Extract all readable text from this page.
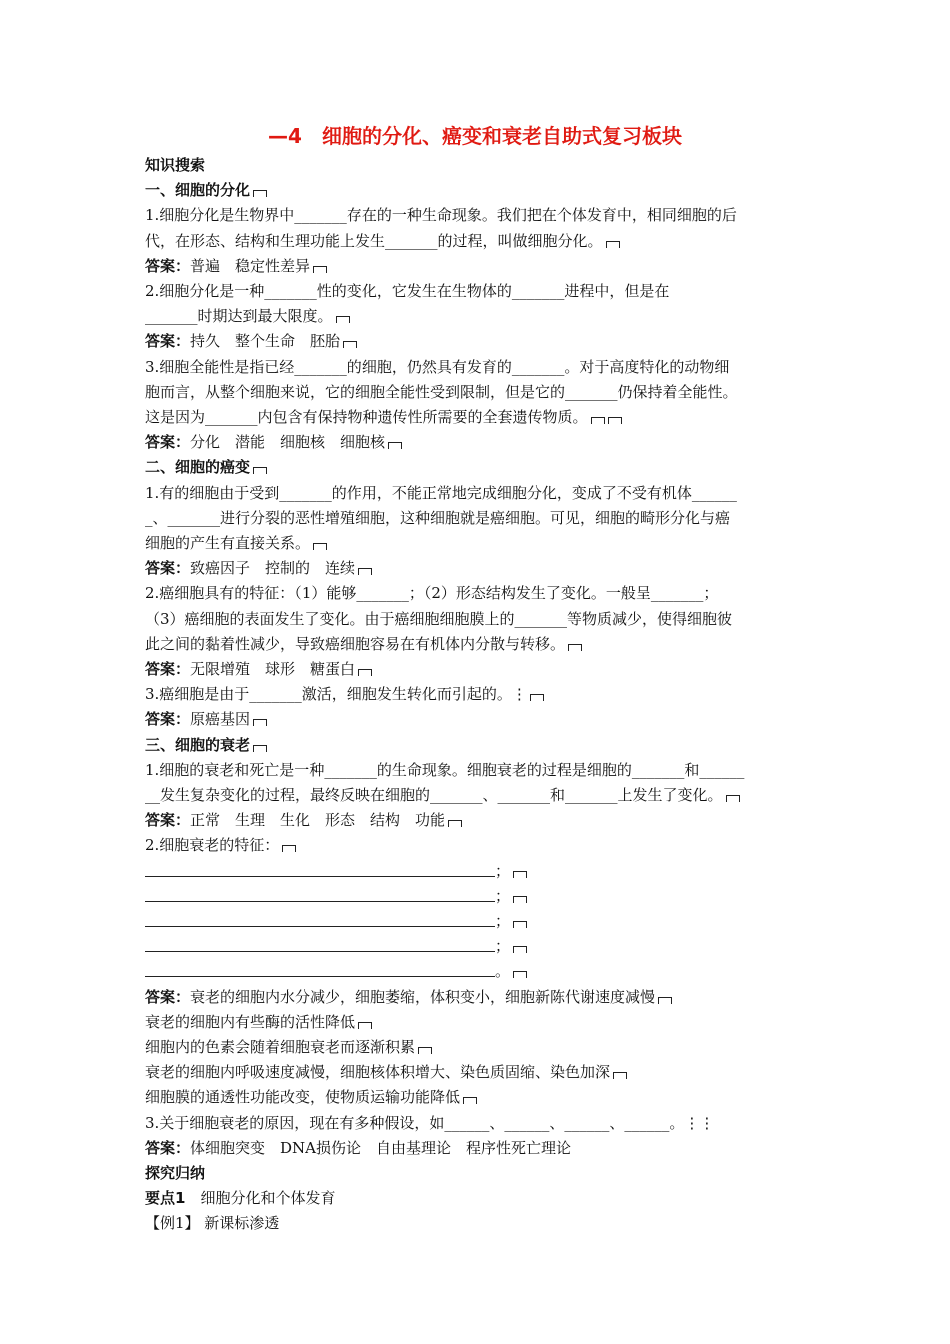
—4　细胞的分化、癌变和衰老自助式复习板块
知识搜索
一、细胞的分化
1.细胞分化是生物界中_______存在的一种生命现象。我们把在个体发育中，相同细胞的后
代，在形态、结构和生理功能上发生_______的过程，叫做细胞分化。
答案：普遍　稳定性差异
2.细胞分化是一种_______性的变化，它发生在生物体的_______进程中，但是在
_______时期达到最大限度。
答案：持久　整个生命　胚胎
3.细胞全能性是指已经_______的细胞，仍然具有发育的_______。对于高度特化的动物细
胞而言，从整个细胞来说，它的细胞全能性受到限制，但是它的_______仍保持着全能性。
这是因为_______内包含有保持物种遗传性所需要的全套遗传物质。
答案：分化　潜能　细胞核　细胞核
二、细胞的癌变
1.有的细胞由于受到_______的作用，不能正常地完成细胞分化，变成了不受有机体______
_、_______进行分裂的恶性增殖细胞，这种细胞就是癌细胞。可见，细胞的畸形分化与癌
细胞的产生有直接关系。
答案：致癌因子　控制的　连续
2.癌细胞具有的特征：（1）能够_______；（2）形态结构发生了变化。一般呈_______；
（3）癌细胞的表面发生了变化。由于癌细胞细胞膜上的_______等物质减少，使得细胞彼
此之间的黏着性减少，导致癌细胞容易在有机体内分散与转移。
答案：无限增殖　球形　糖蛋白
3.癌细胞是由于_______激活，细胞发生转化而引起的。⋮
答案：原癌基因
三、细胞的衰老
1.细胞的衰老和死亡是一种_______的生命现象。细胞衰老的过程是细胞的_______和______
__发生复杂变化的过程，最终反映在细胞的_______、_______和_______上发生了变化。
答案：正常　生理　生化　形态　结构　功能
2.细胞衰老的特征：
；
；
；
；
。
答案：衰老的细胞内水分减少，细胞萎缩，体积变小，细胞新陈代谢速度减慢
衰老的细胞内有些酶的活性降低
细胞内的色素会随着细胞衰老而逐渐积累
衰老的细胞内呼吸速度减慢，细胞核体积增大、染色质固缩、染色加深
细胞膜的通透性功能改变，使物质运输功能降低
3.关于细胞衰老的原因，现在有多种假设，如______、______、______、______。⋮⋮
答案：体细胞突变　DNA损伤论　自由基理论　程序性死亡理论
探究归纳
要点1　细胞分化和个体发育
【例1】 新课标渗透
